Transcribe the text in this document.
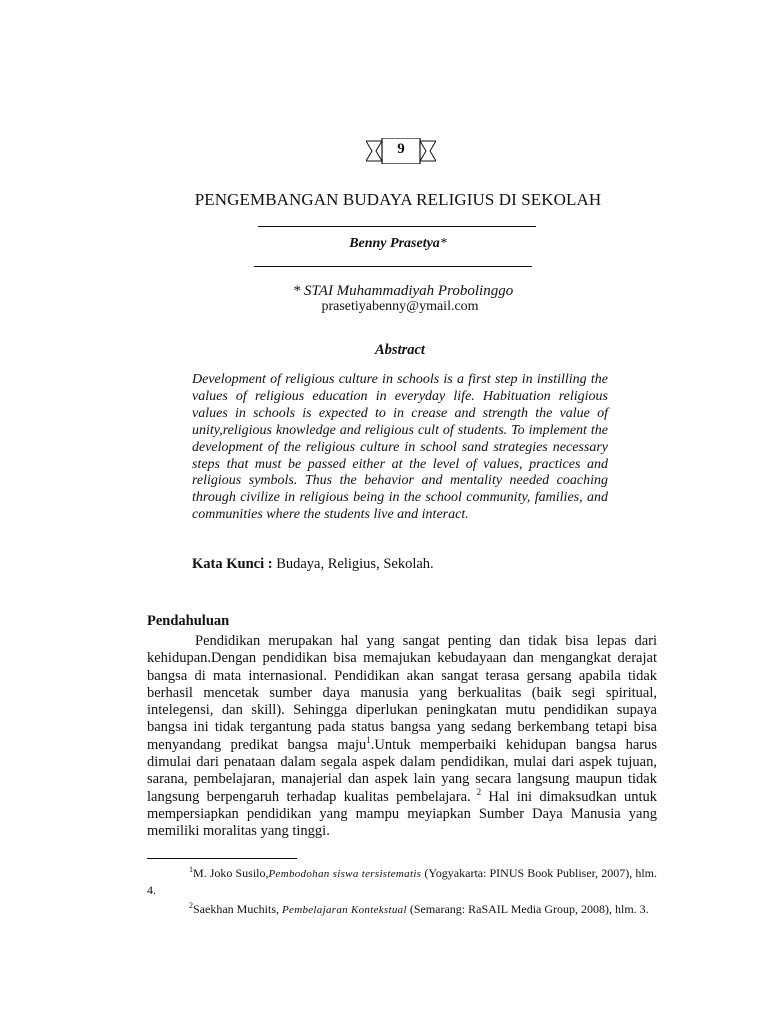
9
PENGEMBANGAN BUDAYA RELIGIUS DI SEKOLAH
Benny Prasetya*
* STAI Muhammadiyah Probolinggo
prasetiyabenny@ymail.com
Abstract
Development of religious culture in schools is a first step in instilling the values of religious education in everyday life. Habituation religious values in schools is expected to in crease and strength the value of unity,religious knowledge and religious cult of students. To implement the development of the religious culture in school sand strategies necessary steps that must be passed either at the level of values, practices and religious symbols. Thus the behavior and mentality needed coaching through civilize in religious being in the school community, families, and communities where the students live and interact.
Kata Kunci : Budaya, Religius, Sekolah.
Pendahuluan
Pendidikan merupakan hal yang sangat penting dan tidak bisa lepas dari kehidupan.Dengan pendidikan bisa memajukan kebudayaan dan mengangkat derajat bangsa di mata internasional. Pendidikan akan sangat terasa gersang apabila tidak berhasil mencetak sumber daya manusia yang berkualitas (baik segi spiritual, intelegensi, dan skill). Sehingga diperlukan peningkatan mutu pendidikan supaya bangsa ini tidak tergantung pada status bangsa yang sedang berkembang tetapi bisa menyandang predikat bangsa maju$^1$.Untuk memperbaiki kehidupan bangsa harus dimulai dari penataan dalam segala aspek dalam pendidikan, mulai dari aspek tujuan, sarana, pembelajaran, manajerial dan aspek lain yang secara langsung maupun tidak langsung berpengaruh terhadap kualitas pembelajara. $^2$ Hal ini dimaksudkan untuk mempersiapkan pendidikan yang mampu meyiapkan Sumber Daya Manusia yang memiliki moralitas yang tinggi.
$^1$M. Joko Susilo,Pembodohan siswa tersistematis (Yogyakarta: PINUS Book Publiser, 2007), hlm. 4.
$^2$Saekhan Muchits, Pembelajaran Kontekstual (Semarang: RaSAIL Media Group, 2008), hlm. 3.
